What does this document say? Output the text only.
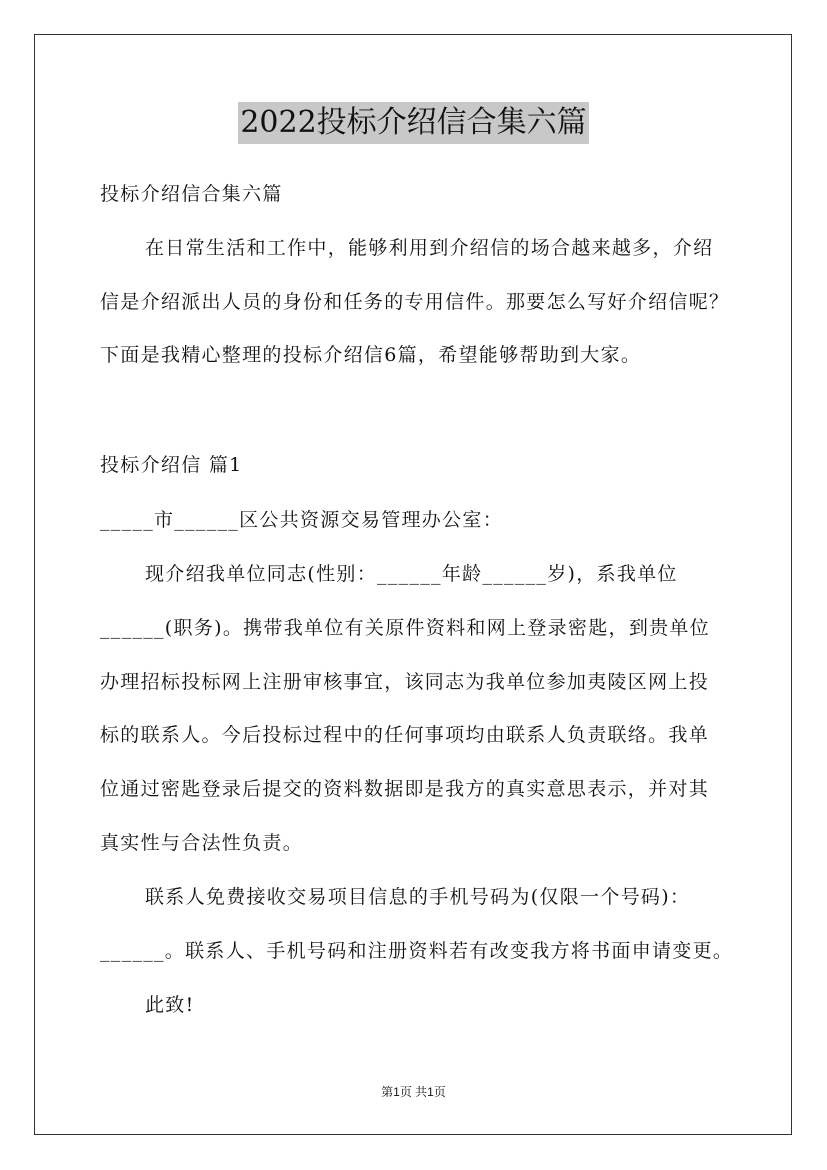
2022投标介绍信合集六篇
投标介绍信合集六篇
在日常生活和工作中，能够利用到介绍信的场合越来越多，介绍
信是介绍派出人员的身份和任务的专用信件。那要怎么写好介绍信呢？
下面是我精心整理的投标介绍信6篇，希望能够帮助到大家。
投标介绍信 篇1
_____市______区公共资源交易管理办公室：
现介绍我单位同志(性别：______年龄______岁)，系我单位
______(职务)。携带我单位有关原件资料和网上登录密匙，到贵单位
办理招标投标网上注册审核事宜，该同志为我单位参加夷陵区网上投
标的联系人。今后投标过程中的任何事项均由联系人负责联络。我单
位通过密匙登录后提交的资料数据即是我方的真实意思表示，并对其
真实性与合法性负责。
联系人免费接收交易项目信息的手机号码为(仅限一个号码)：
______。联系人、手机号码和注册资料若有改变我方将书面申请变更。
此致!
第1页 共1页
